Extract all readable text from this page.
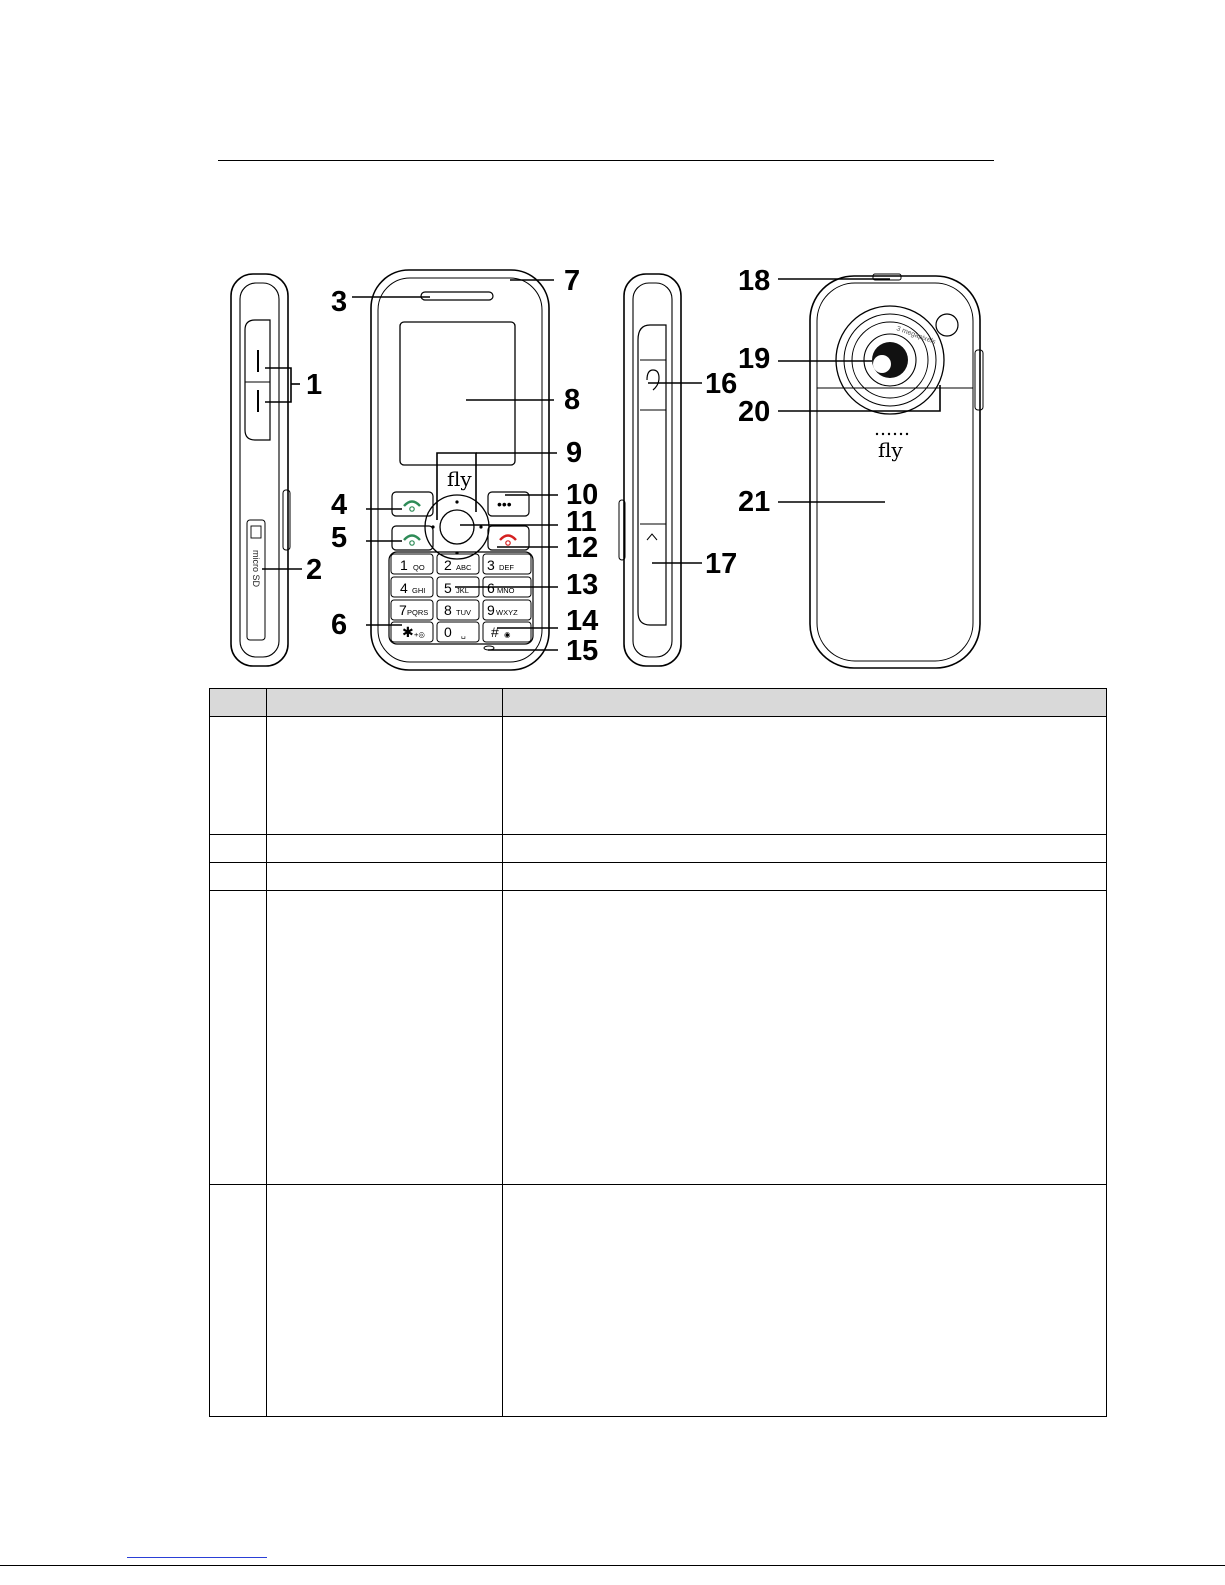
micro SD
fly
•••
1 QO 2 ABC 3 DEF
4 GHI 5 JKL 6 MNO
7 PQRS 8 TUV 9 WXYZ
✱ +◎ 0 ␣ # ◉
3 megapixels
fly
1
2
3
4
5
6
7
8
9
10
11
12
13
14
15
16
17
18
19
20
21
